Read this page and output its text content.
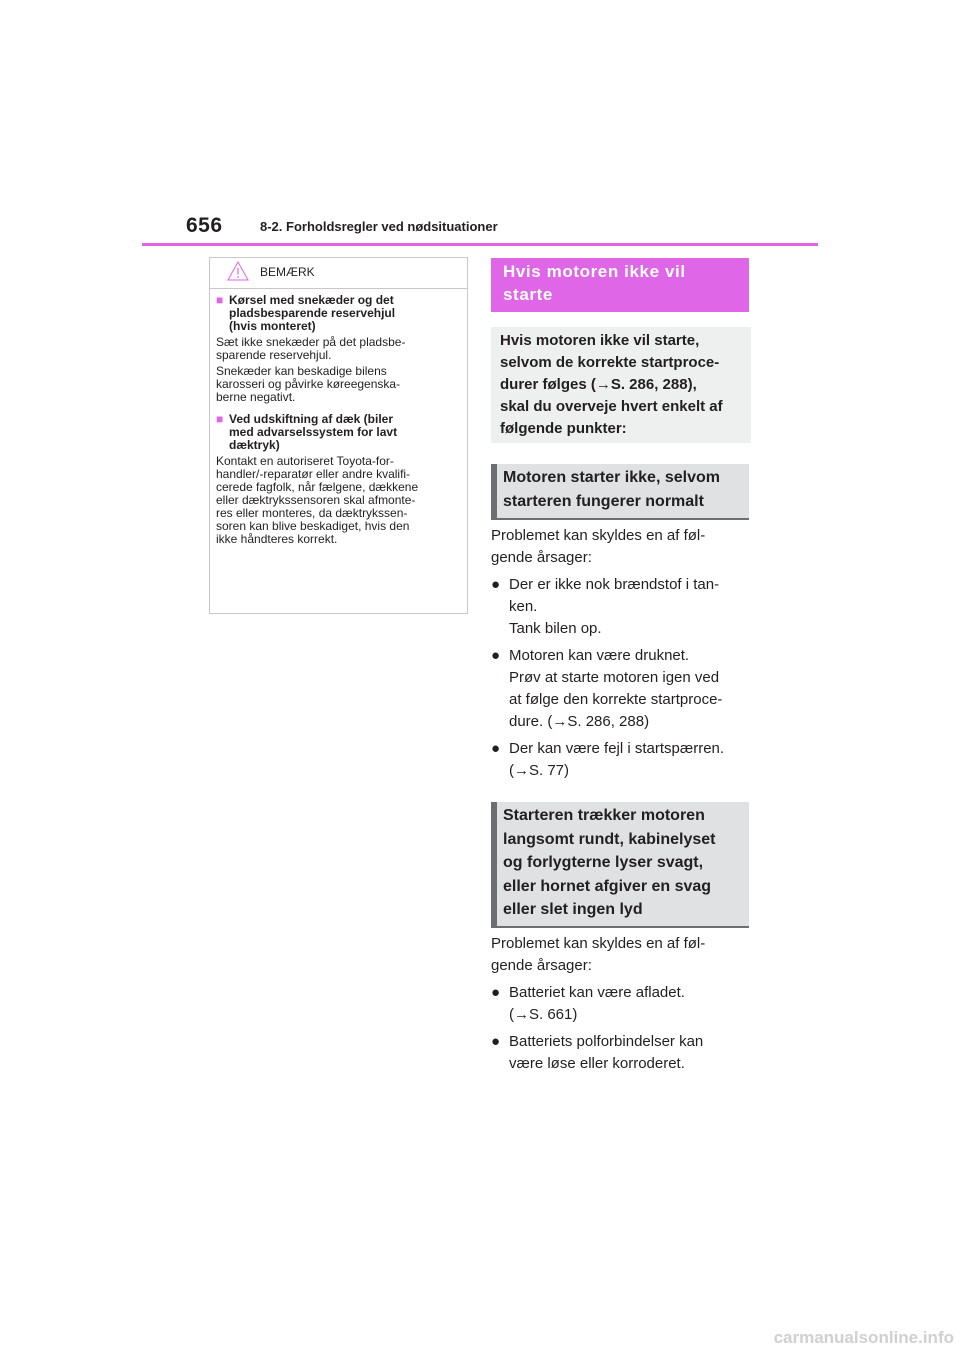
656	8-2. Forholdsregler ved nødsituationer
BEMÆRK
■ Kørsel med snekæder og det
pladsbesparende reservehjul
(hvis monteret)

Sæt ikke snekæder på det pladsbe-
sparende reservehjul.

Snekæder kan beskadige bilens
karosseri og påvirke køreegenska-
berne negativt.

■ Ved udskiftning af dæk (biler
med advarselssystem for lavt
dæktryk)

Kontakt en autoriseret Toyota-for-
handler/-reparatør eller andre kvalifi-
cerede fagfolk, når fælgene, dækkene
eller dæktrykssensoren skal afmonte-
res eller monteres, da dæktrykssen-
soren kan blive beskadiget, hvis den
ikke håndteres korrekt.

Hvis motoren ikke vil
starte
Hvis motoren ikke vil starte,
selvom de korrekte startproce-
durer følges (→S. 286, 288),
skal du overveje hvert enkelt af
følgende punkter:
Motoren starter ikke, selvom
starteren fungerer normalt
Problemet kan skyldes en af føl-
gende årsager:
● Der er ikke nok brændstof i tan-
ken.
Tank bilen op.
● Motoren kan være druknet.
Prøv at starte motoren igen ved
at følge den korrekte startproce-
dure. (→S. 286, 288)
● Der kan være fejl i startspærren.
(→S. 77)
Starteren trækker motoren
langsomt rundt, kabinelyset
og forlygterne lyser svagt,
eller hornet afgiver en svag
eller slet ingen lyd
Problemet kan skyldes en af føl-
gende årsager:
● Batteriet kan være afladet.
(→S. 661)
● Batteriets polforbindelser kan
være løse eller korroderet.
carmanualsonline.info
